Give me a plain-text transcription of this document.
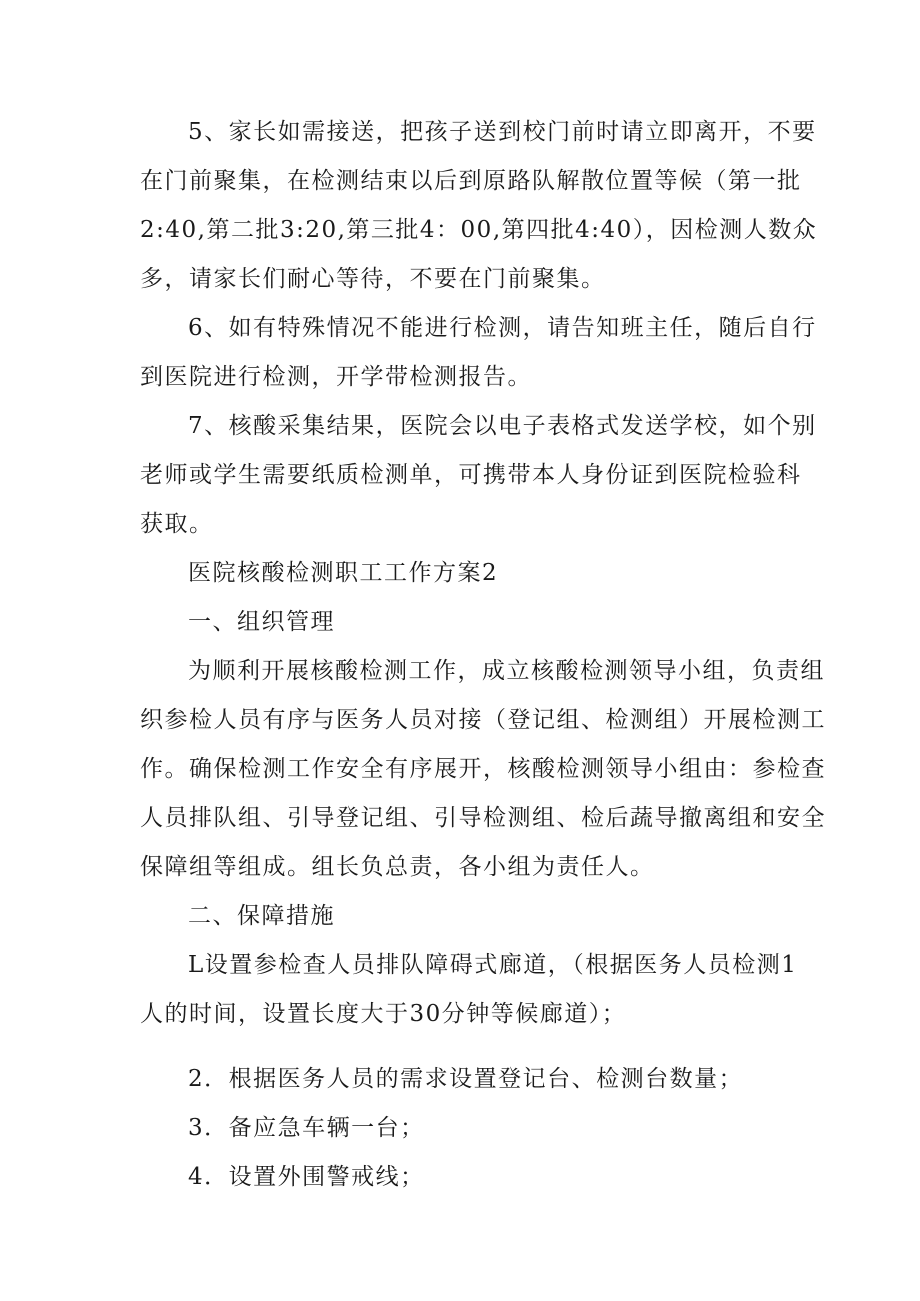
5、家长如需接送，把孩子送到校门前时请立即离开，不要
在门前聚集，在检测结束以后到原路队解散位置等候（第一批
2:40,第二批3:20,第三批4：00,第四批4:40），因检测人数众
多，请家长们耐心等待，不要在门前聚集。
6、如有特殊情况不能进行检测，请告知班主任，随后自行
到医院进行检测，开学带检测报告。
7、核酸采集结果，医院会以电子表格式发送学校，如个别
老师或学生需要纸质检测单，可携带本人身份证到医院检验科
获取。
医院核酸检测职工工作方案2
一、组织管理
为顺利开展核酸检测工作，成立核酸检测领导小组，负责组
织参检人员有序与医务人员对接（登记组、检测组）开展检测工
作。确保检测工作安全有序展开，核酸检测领导小组由：参检查
人员排队组、引导登记组、引导检测组、检后蔬导撤离组和安全
保障组等组成。组长负总责，各小组为责任人。
二、保障措施
L设置参检查人员排队障碍式廊道，（根据医务人员检测1
人的时间，设置长度大于30分钟等候廊道）；
2．根据医务人员的需求设置登记台、检测台数量；
3．备应急车辆一台；
4．设置外围警戒线；
